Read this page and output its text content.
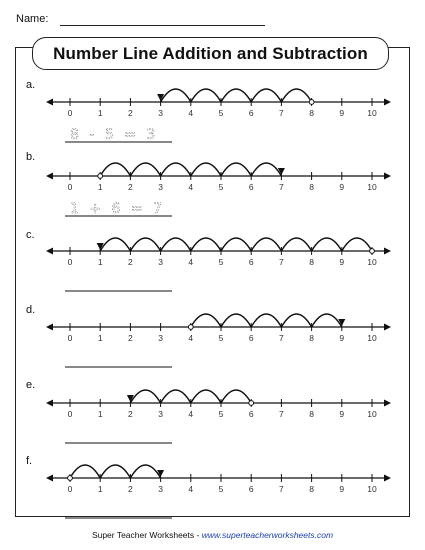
Name:
Number Line Addition and Subtraction
a.
0	1	2	3	4	5	6	7	8	9	10
8 - 5 = 3
b.
0	1	2	3	4	5	6	7	8	9	10
1 + 6 = 7
c.
0	1	2	3	4	5	6	7	8	9	10
d.
0	1	2	3	4	5	6	7	8	9	10
e.
0	1	2	3	4	5	6	7	8	9	10
f.
0	1	2	3	4	5	6	7	8	9	10
Super Teacher Worksheets - www.superteacherworksheets.com
